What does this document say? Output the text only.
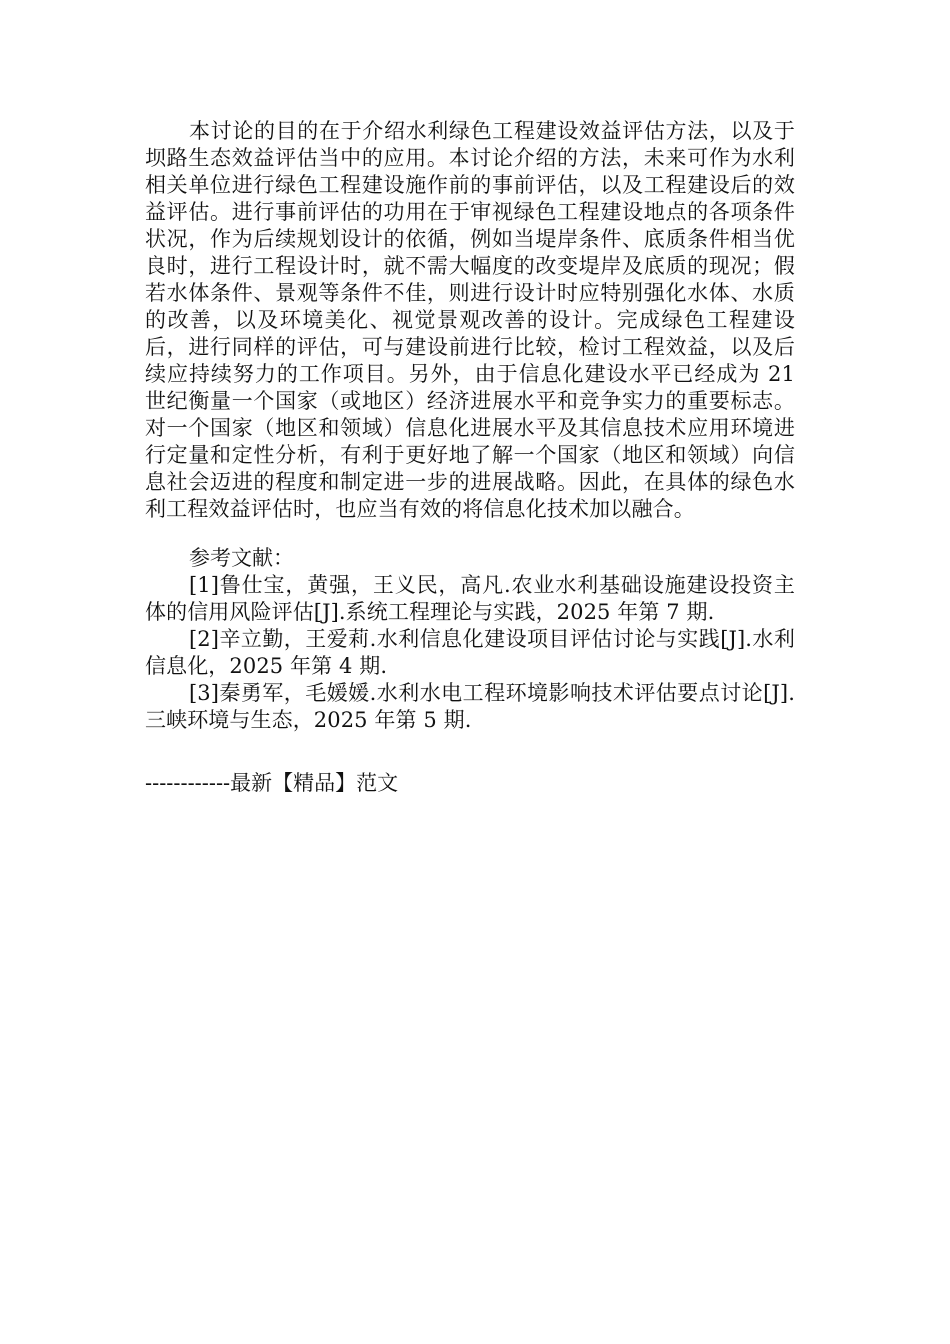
本讨论的目的在于介绍水利绿色工程建设效益评估方法，以及于坝路生态效益评估当中的应用。本讨论介绍的方法，未来可作为水利相关单位进行绿色工程建设施作前的事前评估，以及工程建设后的效益评估。进行事前评估的功用在于审视绿色工程建设地点的各项条件状况，作为后续规划设计的依循，例如当堤岸条件、底质条件相当优良时，进行工程设计时，就不需大幅度的改变堤岸及底质的现况；假若水体条件、景观等条件不佳，则进行设计时应特别强化水体、水质的改善，以及环境美化、视觉景观改善的设计。完成绿色工程建设后，进行同样的评估，可与建设前进行比较，检讨工程效益，以及后续应持续努力的工作项目。另外，由于信息化建设水平已经成为 21 世纪衡量一个国家（或地区）经济进展水平和竞争实力的重要标志。对一个国家（地区和领域）信息化进展水平及其信息技术应用环境进行定量和定性分析，有利于更好地了解一个国家（地区和领域）向信息社会迈进的程度和制定进一步的进展战略。因此，在具体的绿色水利工程效益评估时，也应当有效的将信息化技术加以融合。

参考文献：

[1]鲁仕宝，黄强，王义民，高凡.农业水利基础设施建设投资主体的信用风险评估[J].系统工程理论与实践，2025 年第 7 期.

[2]辛立勤，王爱莉.水利信息化建设项目评估讨论与实践[J].水利信息化，2025 年第 4 期.

[3]秦勇军，毛媛媛.水利水电工程环境影响技术评估要点讨论[J].三峡环境与生态，2025 年第 5 期.

------------最新【精品】范文
